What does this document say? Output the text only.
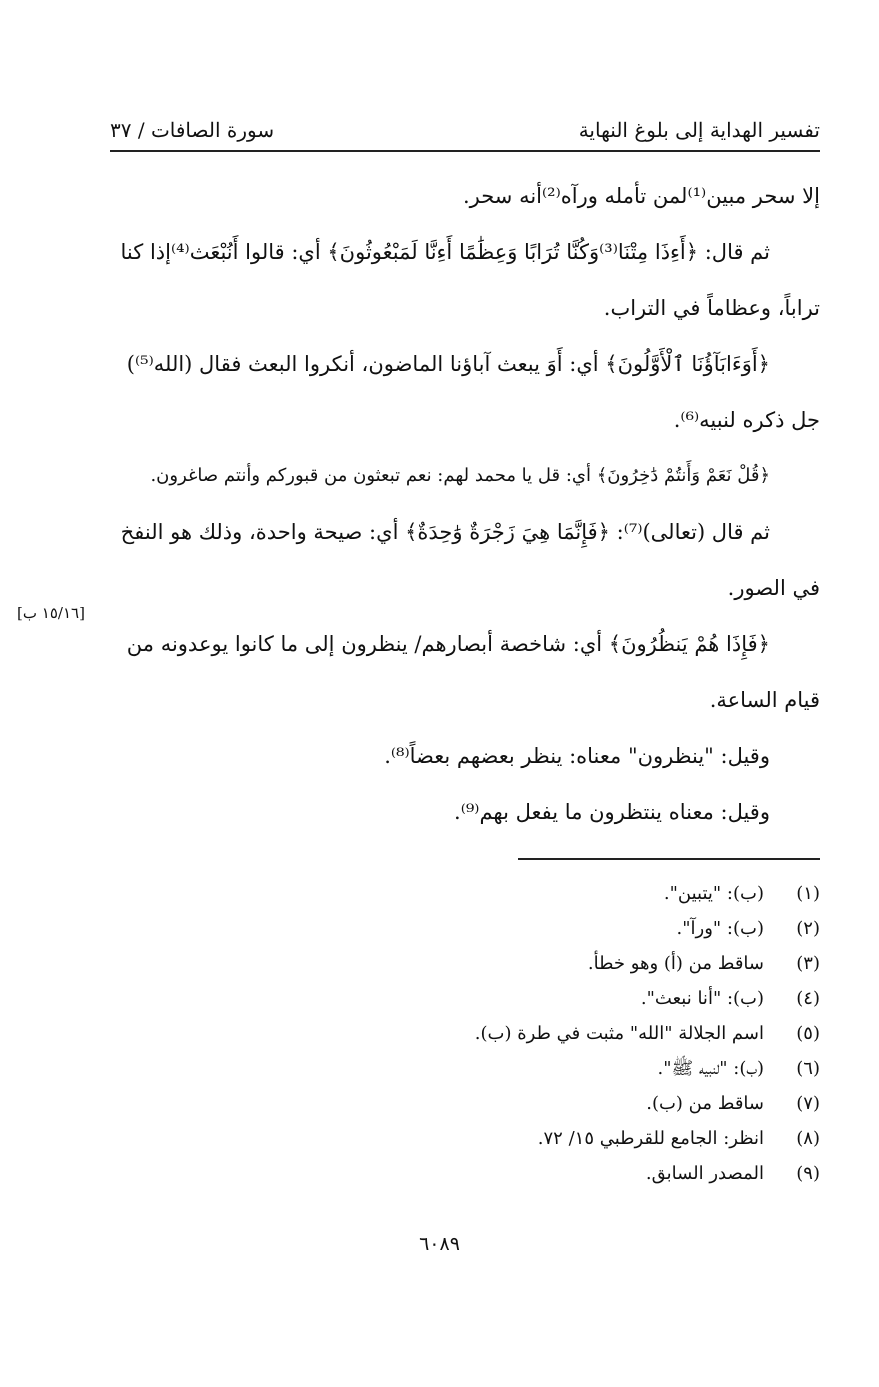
تفسير الهداية إلى بلوغ النهاية
سورة الصافات / ٣٧

إلا سحر مبين⁽¹⁾لمن تأمله ورآه⁽²⁾أنه سحر.

ثم قال: ﴿أَءِذَا مِتْنَا⁽³⁾وَكُنَّا تُرَابًا وَعِظَٰمًا أَءِنَّا لَمَبْعُوثُونَ﴾ أي: قالوا أَنُبْعَث⁽⁴⁾إذا كنا

تراباً، وعظاماً في التراب.

﴿أَوَءَابَآؤُنَا ٱلْأَوَّلُونَ﴾ أي: أَوَ يبعث آباؤنا الماضون، أنكروا البعث فقال (الله⁽⁵⁾)

جل ذكره لنبيه⁽⁶⁾.

﴿قُلْ نَعَمْ وَأَنتُمْ دَٰخِرُونَ﴾ أي: قل يا محمد لهم: نعم تبعثون من قبوركم وأنتم صاغرون.

ثم قال (تعالى)⁽⁷⁾: ﴿فَإِنَّمَا هِيَ زَجْرَةٌ وَٰحِدَةٌ﴾ أي: صيحة واحدة، وذلك هو النفخ

في الصور.

﴿فَإِذَا هُمْ يَنظُرُونَ﴾ أي: شاخصة أبصارهم/ ينظرون إلى ما كانوا يوعدونه من

قيام الساعة.

وقيل: "ينظرون" معناه: ينظر بعضهم بعضاً⁽⁸⁾.

وقيل: معناه ينتظرون ما يفعل بهم⁽⁹⁾.

[١٥/١٦ ب]
(١)
(ب): "يتبين".
(٢)
(ب): "ورآ".
(٣)
ساقط من (أ) وهو خطأ.
(٤)
(ب): "أنا نبعث".
(٥)
اسم الجلالة "الله" مثبت في طرة (ب).
(٦)
(ب): "لنبيه ﷺ".
(٧)
ساقط من (ب).
(٨)
انظر: الجامع للقرطبي ١٥/ ٧٢.
(٩)
المصدر السابق.
٦٠٨٩
